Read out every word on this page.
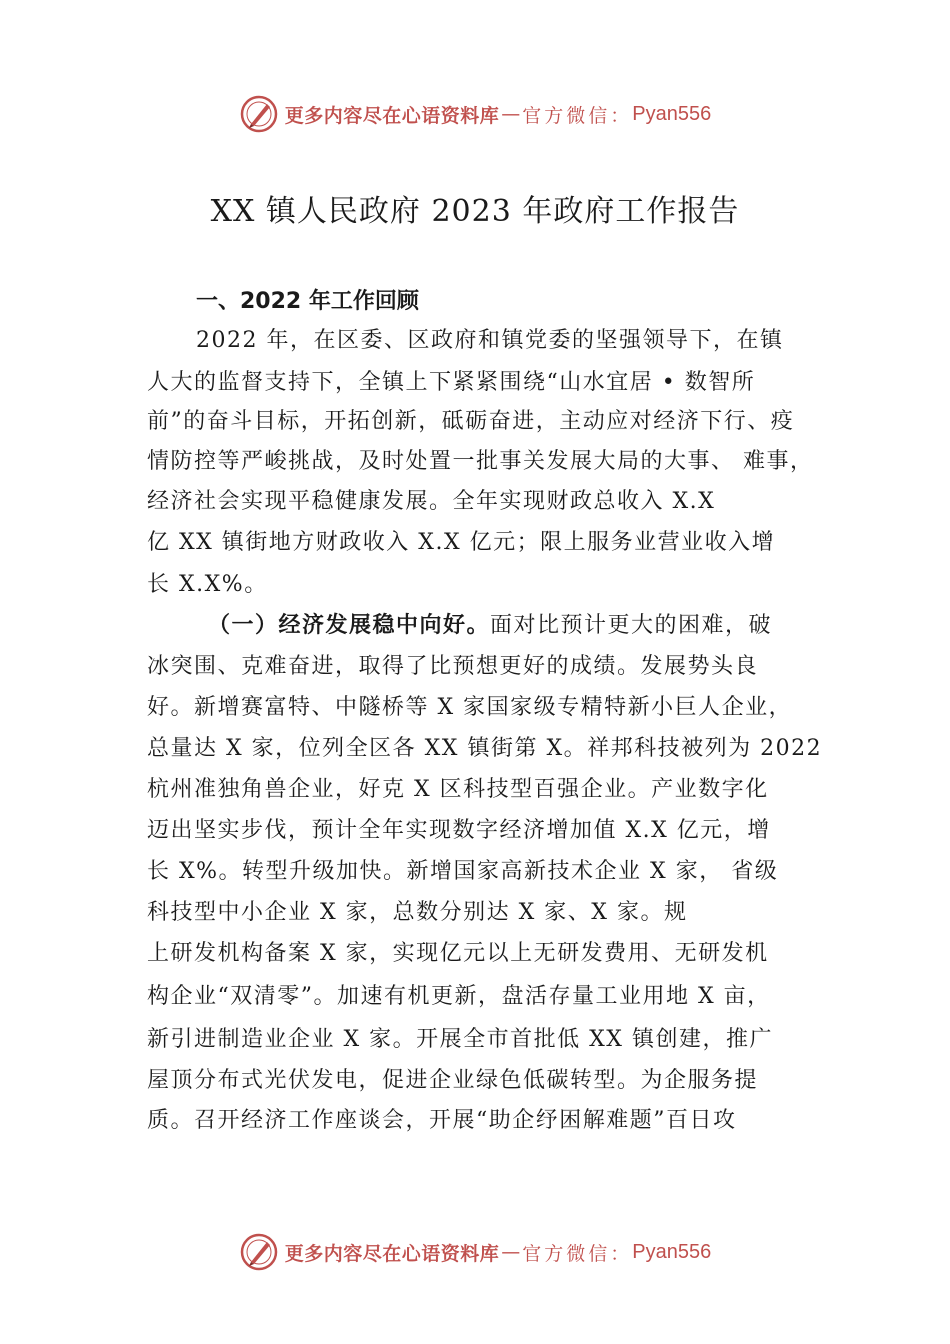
更多内容尽在心语资料库 — 官方微信： Pyan556
XX 镇人民政府 2023 年政府工作报告
一、2022 年工作回顾
2022 年，在区委、区政府和镇党委的坚强领导下，在镇
人大的监督支持下，全镇上下紧紧围绕“山水宜居 • 数智所
前”的奋斗目标，开拓创新，砥砺奋进，主动应对经济下行、疫
情防控等严峻挑战，及时处置一批事关发展大局的大事、 难事，
经济社会实现平稳健康发展。全年实现财政总收入 X.X
亿 XX 镇街地方财政收入 X.X 亿元；限上服务业营业收入增
长 X.X%。
（一）经济发展稳中向好。面对比预计更大的困难，破
冰突围、克难奋进，取得了比预想更好的成绩。发展势头良
好。新增赛富特、中隧桥等 X 家国家级专精特新小巨人企业，
总量达 X 家，位列全区各 XX 镇街第 X。祥邦科技被列为 2022
杭州准独角兽企业，好克 X 区科技型百强企业。产业数字化
迈出坚实步伐，预计全年实现数字经济增加值 X.X 亿元，增
长 X%。转型升级加快。新增国家高新技术企业 X 家， 省级
科技型中小企业 X 家，总数分别达 X 家、X 家。规
上研发机构备案 X 家，实现亿元以上无研发费用、无研发机
构企业“双清零”。加速有机更新，盘活存量工业用地 X 亩，
新引进制造业企业 X 家。开展全市首批低 XX 镇创建，推广
屋顶分布式光伏发电，促进企业绿色低碳转型。为企服务提
质。召开经济工作座谈会，开展“助企纾困解难题”百日攻
更多内容尽在心语资料库 — 官方微信： Pyan556
